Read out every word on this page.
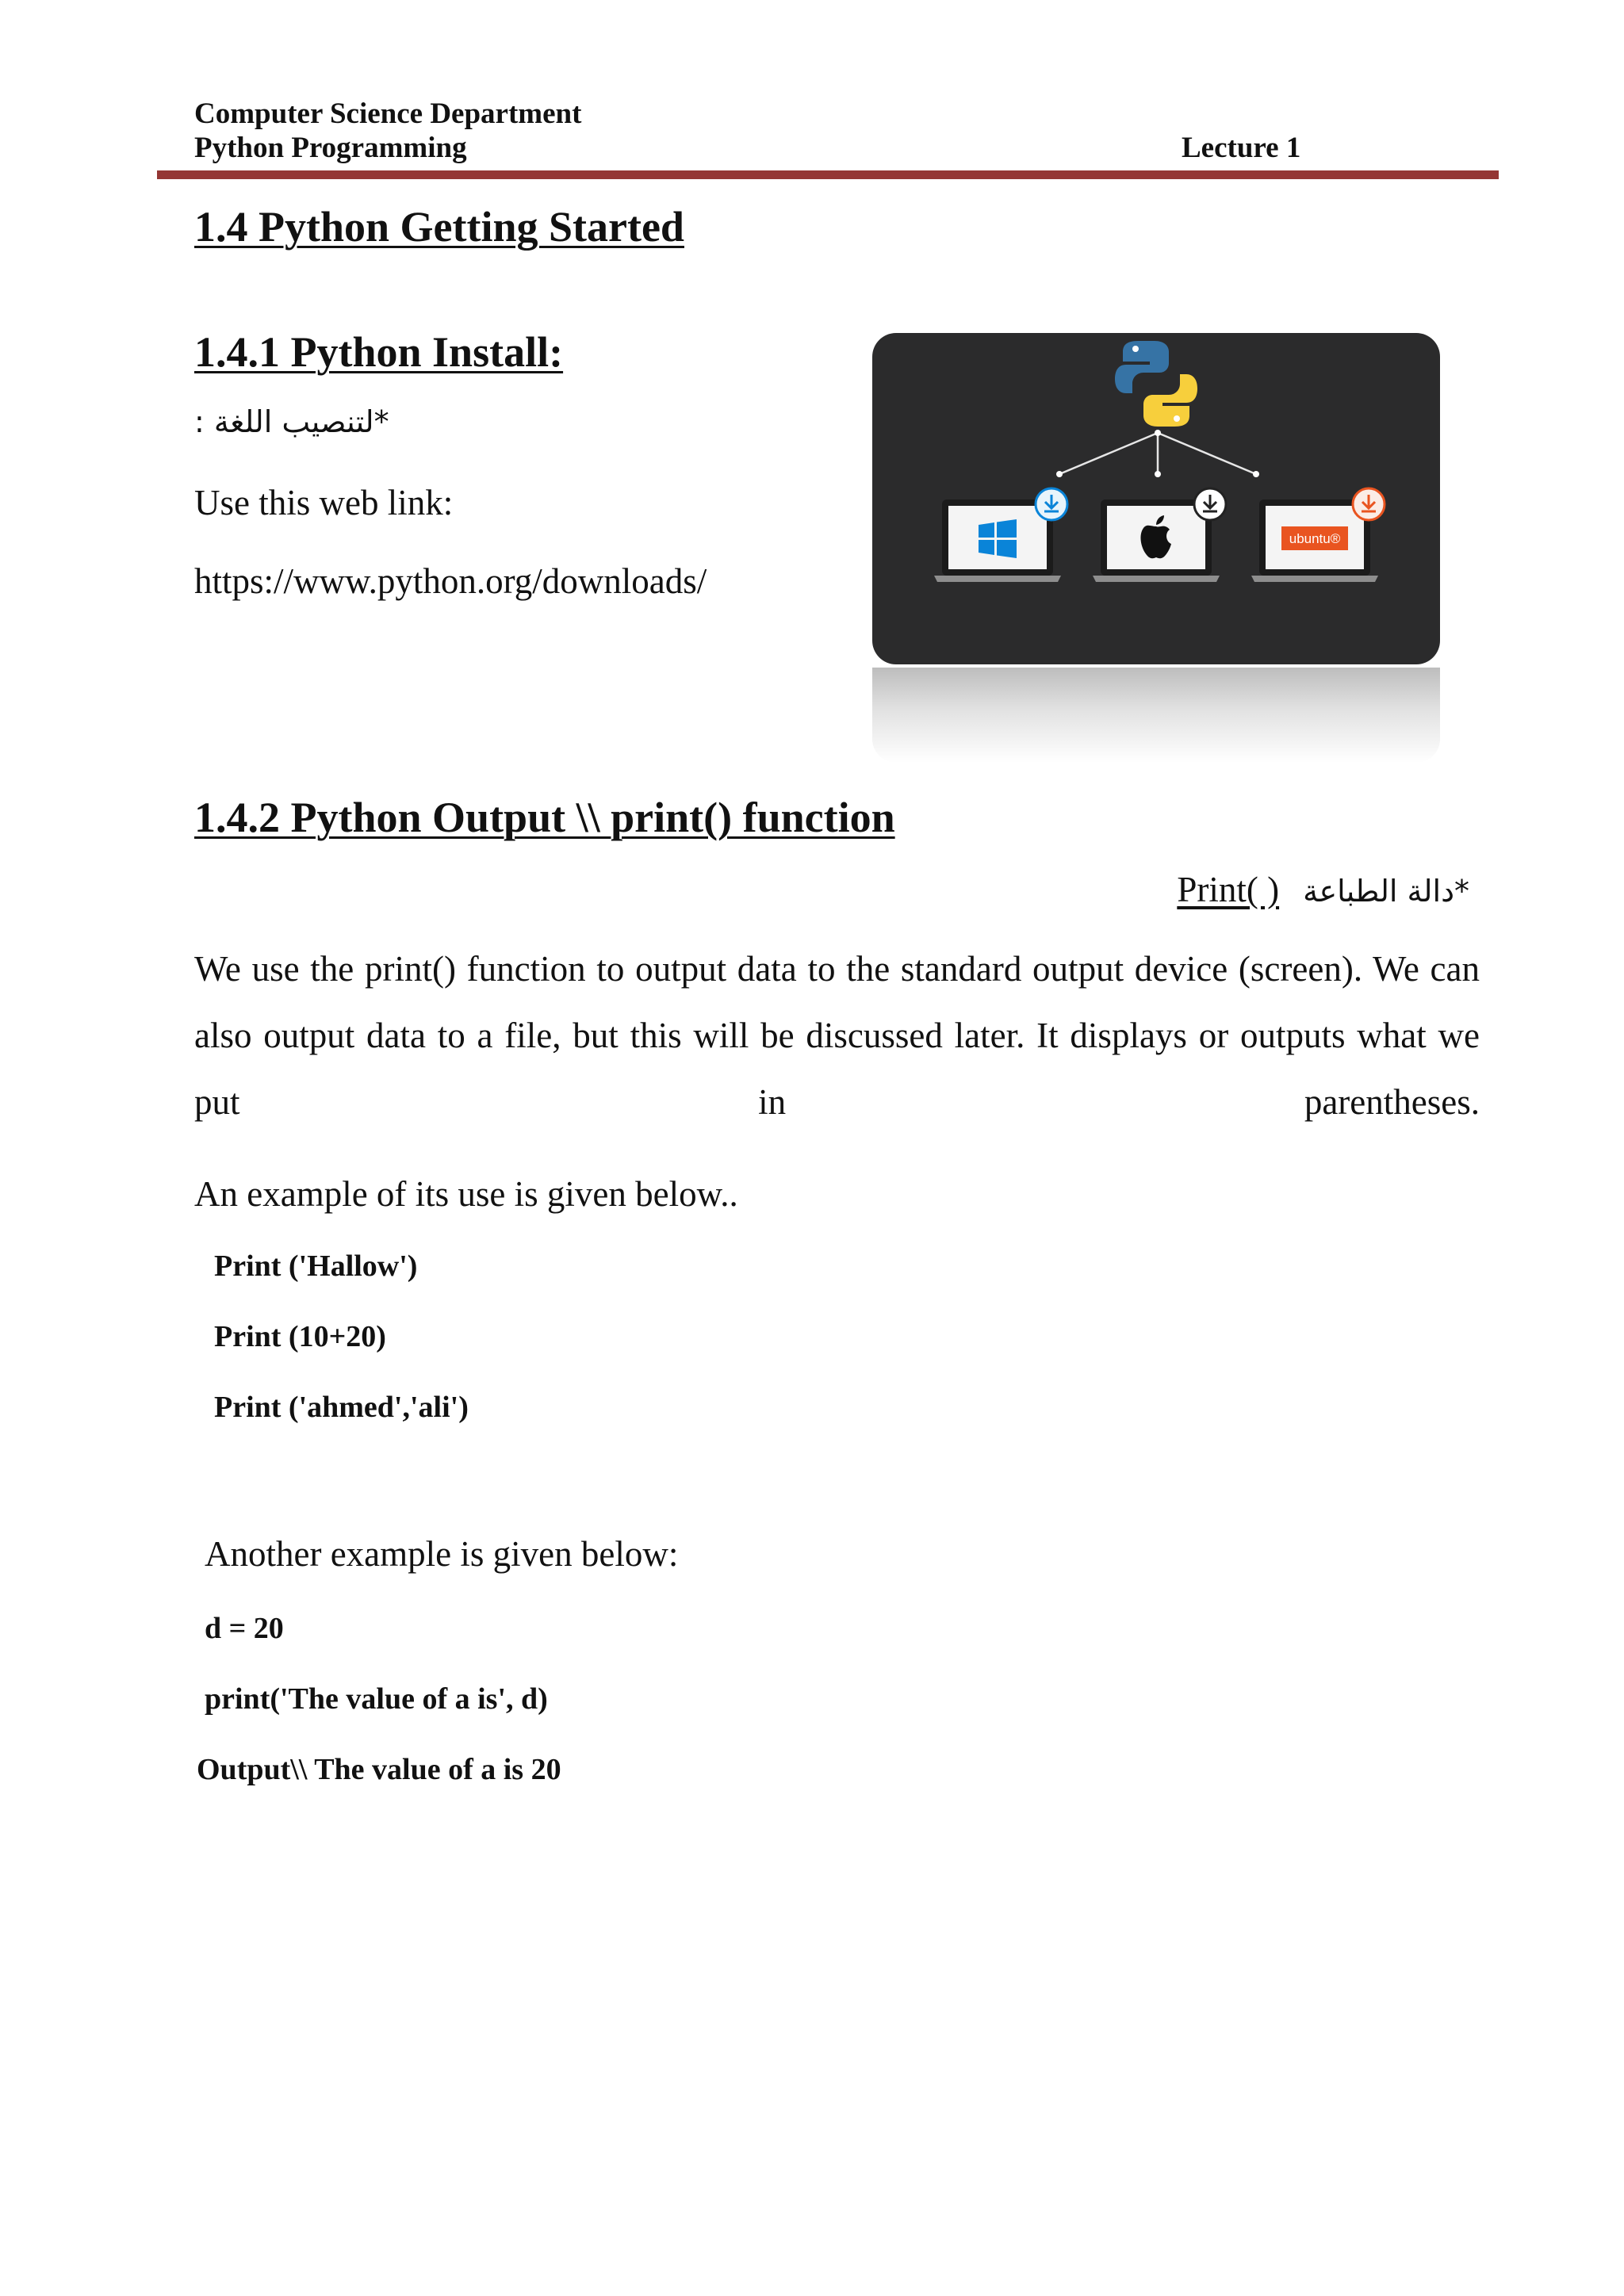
Computer Science Department
Python Programming	Lecture 1
1.4 Python Getting Started
1.4.1 Python Install:
*لتنصيب اللغة :
Use this web link:
https://www.python.org/downloads/
ubuntu®
1.4.2 Python Output \\ print() function
Print( ) *دالة الطباعة
We use the print() function to output data to the standard output device (screen). We can also output data to a file, but this will be discussed later. It displays or outputs what we put in parentheses.
An example of its use is given below..
Print ('Hallow')
Print (10+20)
Print ('ahmed','ali')
Another example is given below:
d = 20
print('The value of a is', d)
Output\\ The value of a is 20
